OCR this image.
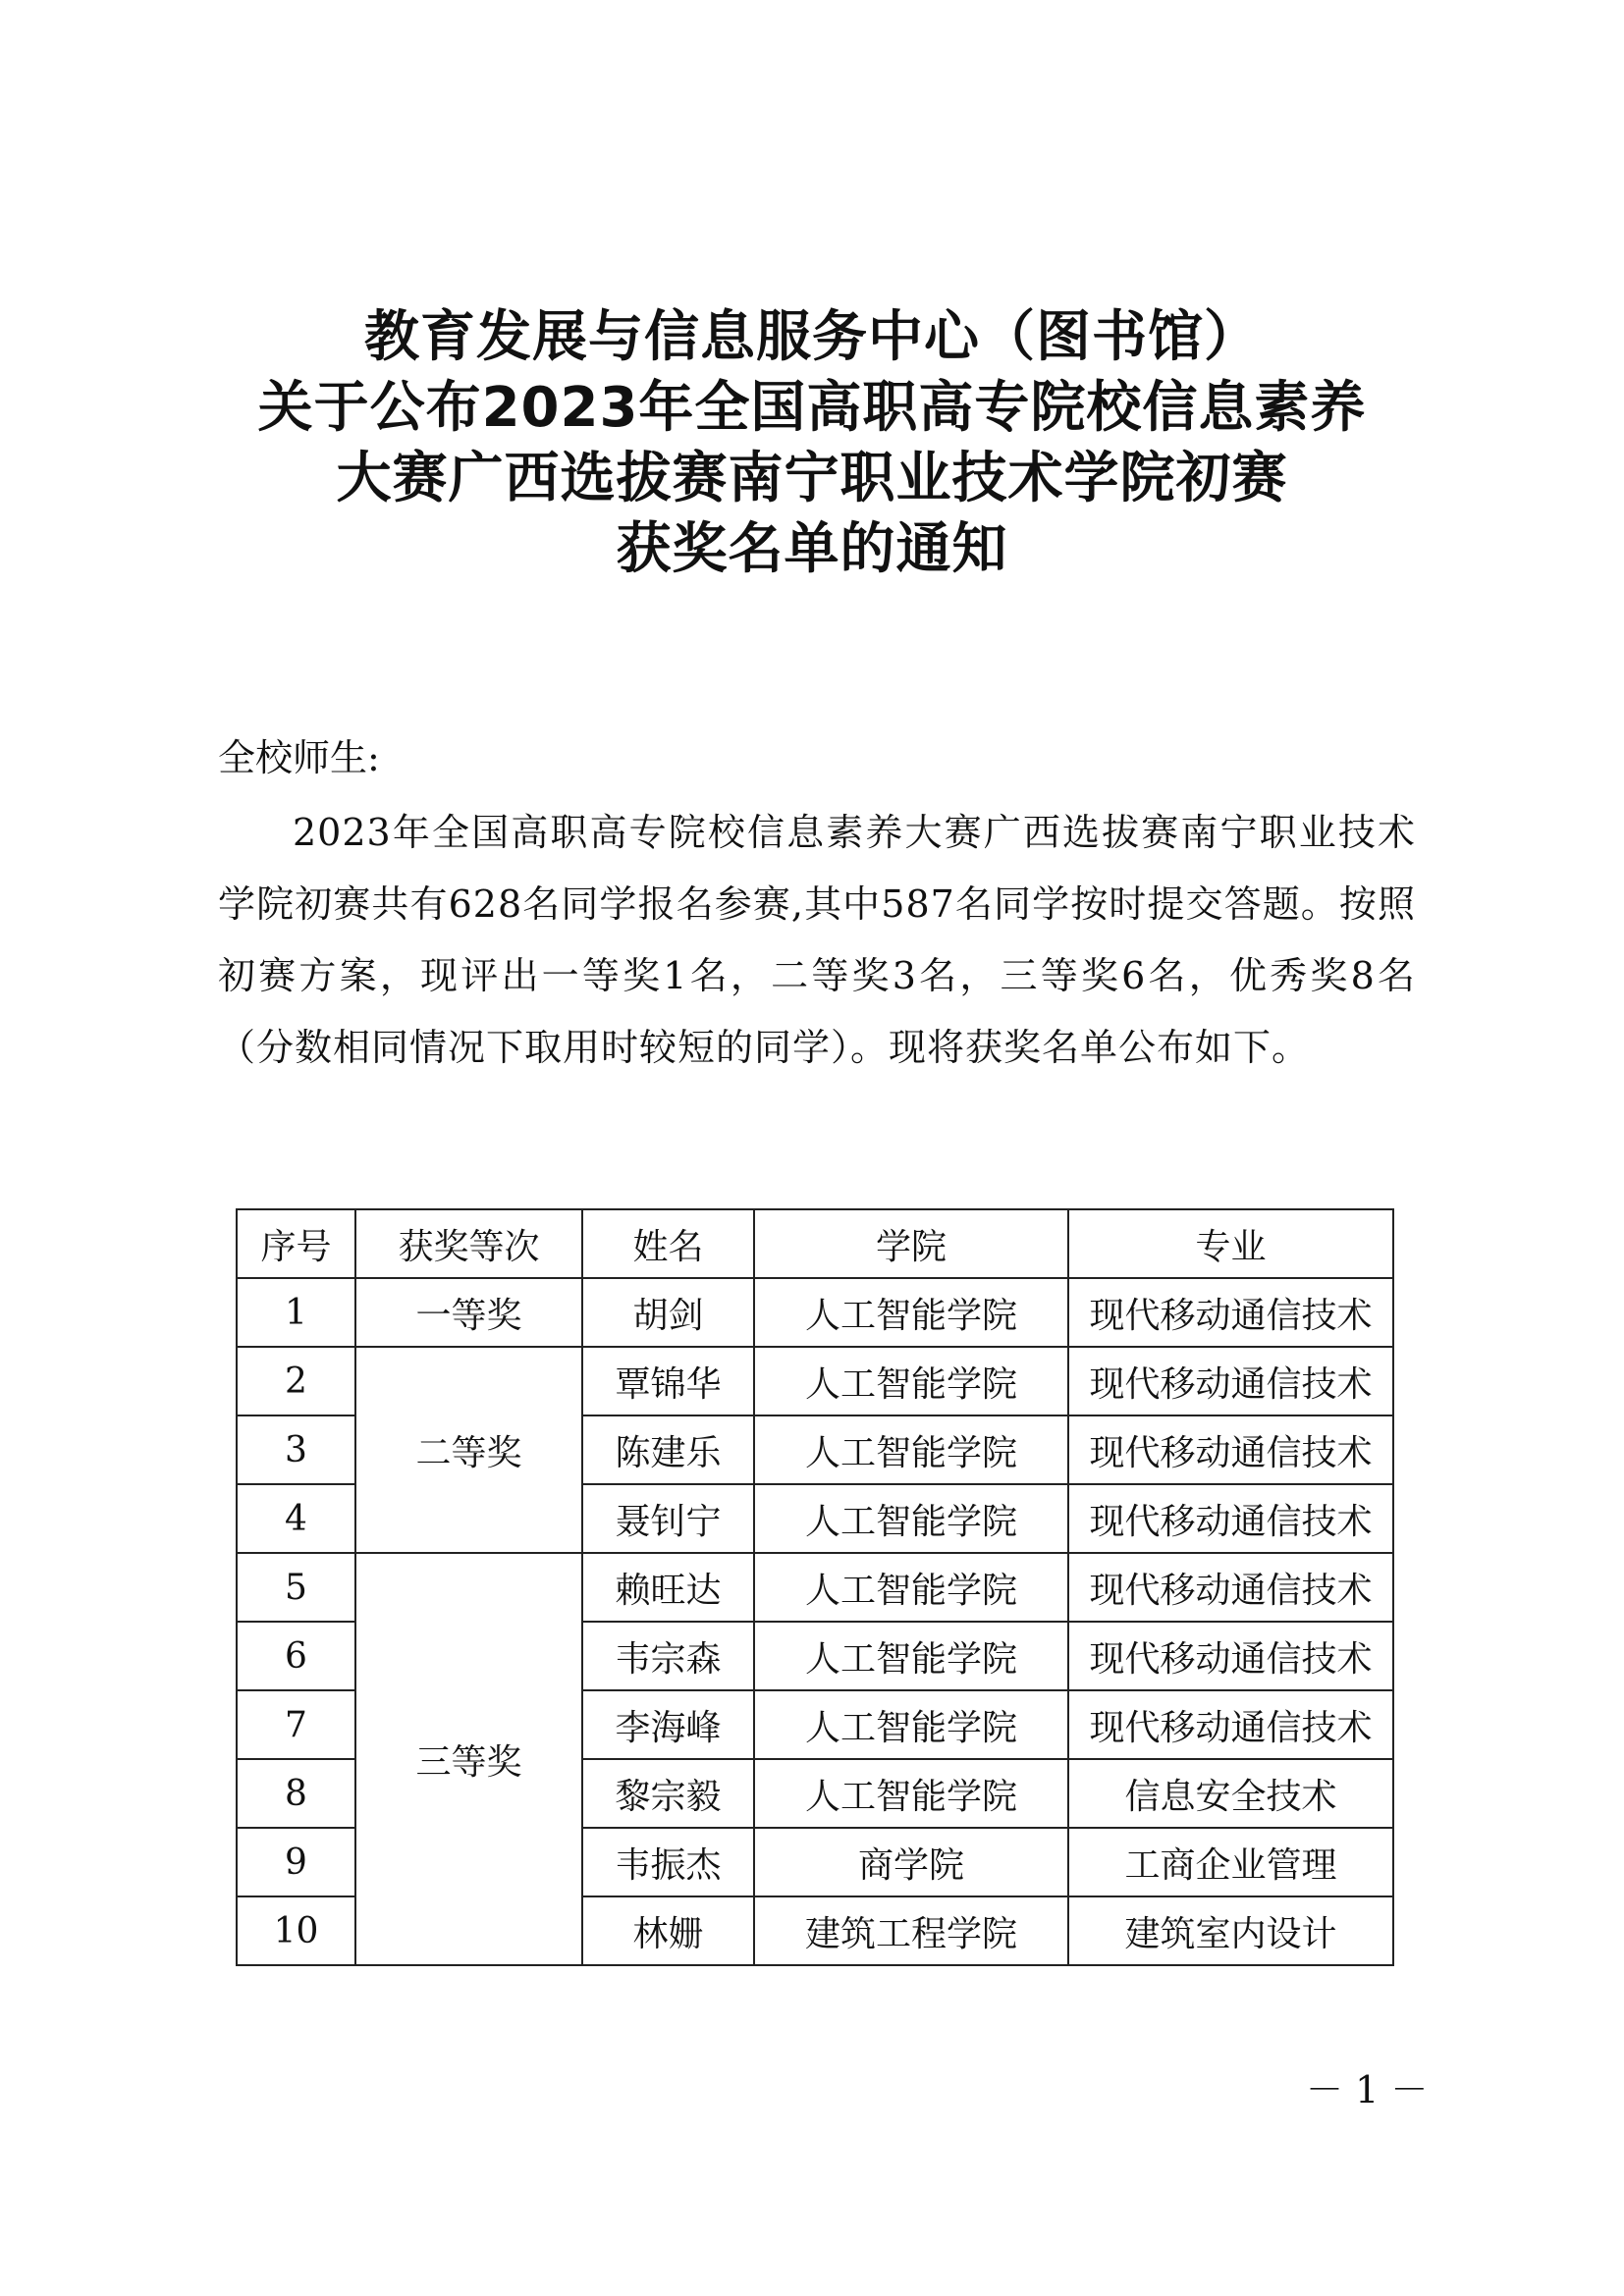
教育发展与信息服务中心（图书馆）
关于公布2023年全国高职高专院校信息素养
大赛广西选拔赛南宁职业技术学院初赛
获奖名单的通知

全校师生:

2023年全国高职高专院校信息素养大赛广西选拔赛南宁职业技术学院初赛共有628名同学报名参赛,其中587名同学按时提交答题。按照初赛方案，现评出一等奖1名，二等奖3名，三等奖6名，优秀奖8名（分数相同情况下取用时较短的同学）。现将获奖名单公布如下。

序号	获奖等次	姓名	学院	专业
1	一等奖	胡剑	人工智能学院	现代移动通信技术
2	二等奖	覃锦华	人工智能学院	现代移动通信技术
3		陈建乐	人工智能学院	现代移动通信技术
4		聂钊宁	人工智能学院	现代移动通信技术
5	三等奖	赖旺达	人工智能学院	现代移动通信技术
6		韦宗森	人工智能学院	现代移动通信技术
7		李海峰	人工智能学院	现代移动通信技术
8		黎宗毅	人工智能学院	信息安全技术
9		韦振杰	商学院	工商企业管理
10		林姗	建筑工程学院	建筑室内设计

－ 1 －
